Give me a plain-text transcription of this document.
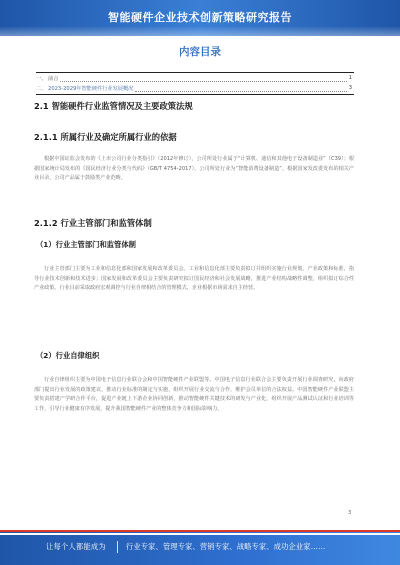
智能硬件企业技术创新策略研究报告
内容目录
一、 前言	1
二、 2023-2029年智能硬件行业发展概况	3
2.1 智能硬件行业监管情况及主要政策法规
2.1.1 所属行业及确定所属行业的依据

根据中国证监会发布的《上市公司行业分类指引》（2012年修订），公司所处行业属于“计算机、通信和其他电子设备制造业”（C39）；根据国家统计局发布的《国民经济行业分类与代码》（GB/T 4754-2017），公司所处行业为“智能消费设备制造”。根据国家发改委发布的相关产业目录，公司产品属于鼓励类产业范畴。

2.1.2 行业主管部门和监管体制
（1）行业主管部门和监管体制

行业主管部门主要为工业和信息化部和国家发展和改革委员会。工业和信息化部主要负责拟订并组织实施行业规划、产业政策和标准，指导行业技术创新和技术进步；国家发展和改革委员会主要负责研究拟订国民经济和社会发展战略，推进产业结构战略性调整，组织拟订综合性产业政策。行业目前采取政府宏观调控与行业自律相结合的管理模式，企业根据市场需求自主经营。

（2）行业自律组织

行业自律组织主要为中国电子信息行业联合会和中国智能硬件产业联盟等。中国电子信息行业联合会主要负责开展行业调查研究，向政府部门提出行业发展的政策建议，推动行业标准的制定与实施，组织开展行业交流与合作，维护会员单位的合法权益。中国智能硬件产业联盟主要负责搭建产学研合作平台，促进产业链上下游企业协同创新，推动智能硬件关键技术的研发与产业化，组织开展产品测试认证和行业培训等工作，引导行业健康有序发展，提升我国智能硬件产业的整体竞争力和国际影响力。

3
让每个人都能成为	行业专家、管理专家、营销专家、战略专家、成功企业家……
